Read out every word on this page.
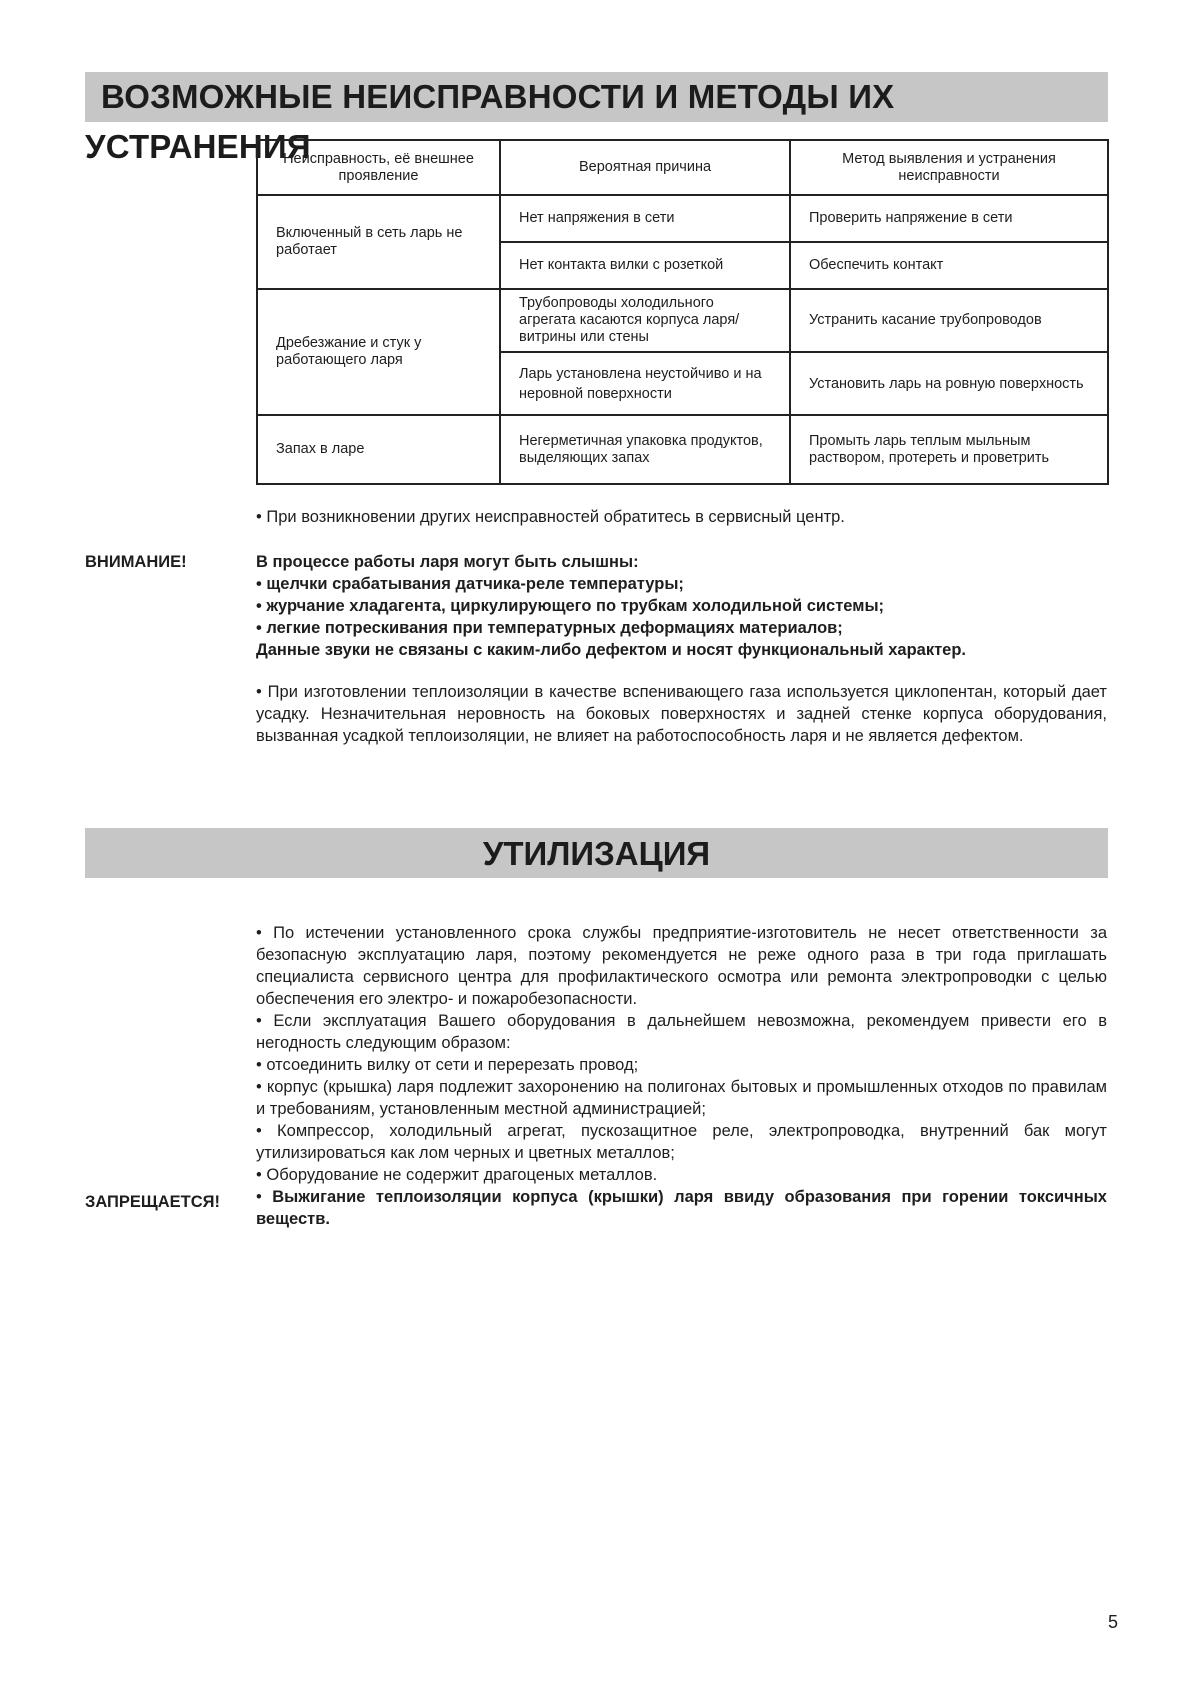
ВОЗМОЖНЫЕ НЕИСПРАВНОСТИ И МЕТОДЫ ИХ УСТРАНЕНИЯ
Неисправность, её внешнее проявление	Вероятная причина	Метод выявления и устранения неисправности
Включенный в сеть ларь не работает	Нет напряжения в сети	Проверить напряжение в сети
	Нет контакта вилки с розеткой	Обеспечить контакт
Дребезжание и стук у работающего ларя	Трубопроводы холодильного агрегата касаются корпуса ларя/ витрины или стены	Устранить касание трубопроводов
	Ларь установлена неустойчиво и на неровной поверхности	Установить ларь на ровную поверхность
Запах в ларе	Негерметичная упаковка продуктов, выделяющих запах	Промыть ларь теплым мыльным раствором, протереть и проветрить
• При возникновении других неисправностей обратитесь в сервисный центр.
ВНИМАНИЕ!	В процессе работы ларя могут быть слышны:

• щелчки срабатывания датчика-реле температуры;

• журчание хладагента, циркулирующего по трубкам холодильной системы;

• легкие потрескивания при температурных деформациях материалов;

Данные звуки не связаны с каким-либо дефектом и носят функциональный характер.

• При изготовлении теплоизоляции в качестве вспенивающего газа используется циклопентан, который дает усадку. Незначительная неровность на боковых поверхностях и задней стенке корпуса оборудования, вызванная усадкой теплоизоляции, не влияет на работоспособность ларя и не является дефектом.
УТИЛИЗАЦИЯ

• По истечении установленного срока службы предприятие-изготовитель не несет ответственности за безопасную эксплуатацию ларя, поэтому рекомендуется не реже одного раза в три года приглашать специалиста сервисного центра для профилактического осмотра или ремонта электропроводки с целью обеспечения его электро- и пожаробезопасности.

• Если эксплуатация Вашего оборудования в дальнейшем невозможна, рекомендуем привести его в негодность следующим образом:

• отсоединить вилку от сети и перерезать провод;

• корпус (крышка) ларя подлежит захоронению на полигонах бытовых и промышленных отходов по правилам и требованиям, установленным местной администрацией;

• Компрессор, холодильный агрегат, пускозащитное реле, электропроводка, внутренний бак могут утилизироваться как лом черных и цветных металлов;

• Оборудование не содержит драгоценых металлов.

• Выжигание теплоизоляции корпуса (крышки) ларя ввиду образования при горении токсичных веществ.

ЗАПРЕЩАЕТСЯ!
5
